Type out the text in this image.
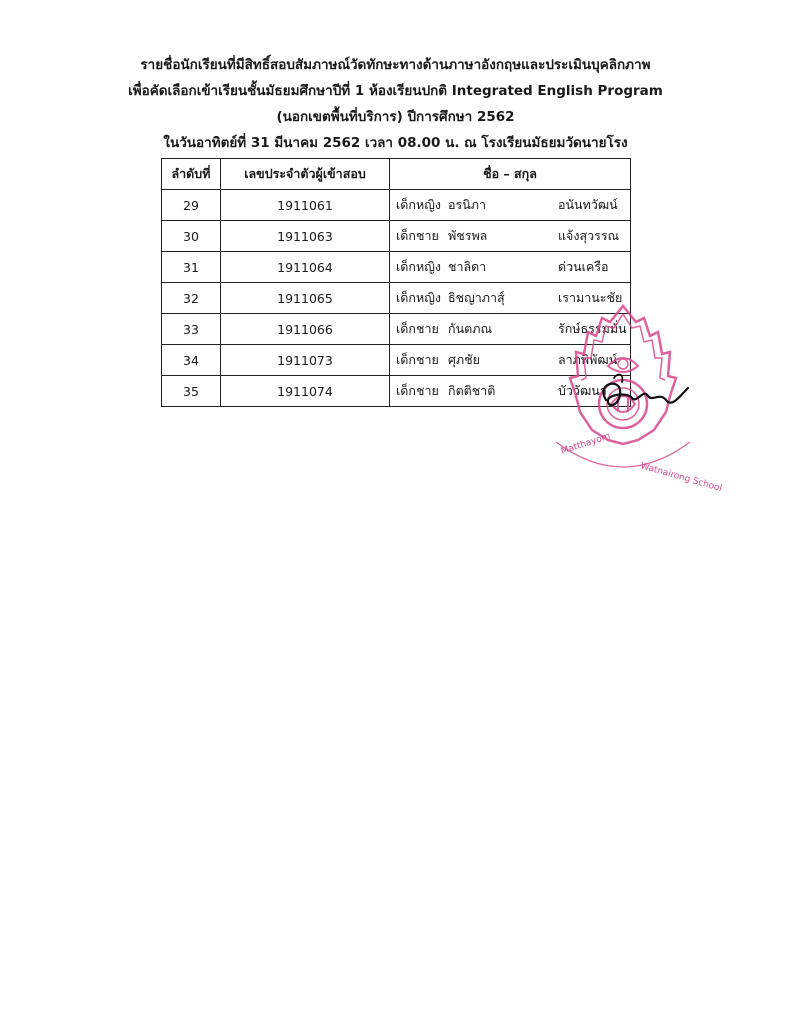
รายชื่อนักเรียนที่มีสิทธิ์สอบสัมภาษณ์วัดทักษะทางด้านภาษาอังกฤษและประเมินบุคลิกภาพ
เพื่อคัดเลือกเข้าเรียนชั้นมัธยมศึกษาปีที่ 1 ห้องเรียนปกติ Integrated English Program
(นอกเขตพื้นที่บริการ) ปีการศึกษา 2562
ในวันอาทิตย์ที่ 31 มีนาคม 2562 เวลา 08.00 น. ณ โรงเรียนมัธยมวัดนายโรง
ลำดับที่	เลขประจำตัวผู้เข้าสอบ	ชื่อ – สกุล
29	1911061	เด็กหญิง อรนิภา อนันทวัฒน์

30	1911063	เด็กชาย พัชรพล แจ้งสุวรรณ

31	1911064	เด็กหญิง ชาลิดา ด่วนเครือ

32	1911065	เด็กหญิง ธิชญาภาสุ์ เรามานะชัย

33	1911066	เด็กชาย กันตภณ รักษ์ธรรมมั่น

34	1911073	เด็กชาย ศุภชัย ลาภพิพัฒน์

35	1911074	เด็กชาย กิตติชาติ บัววัฒนา
Matthayom
Watnairong School
